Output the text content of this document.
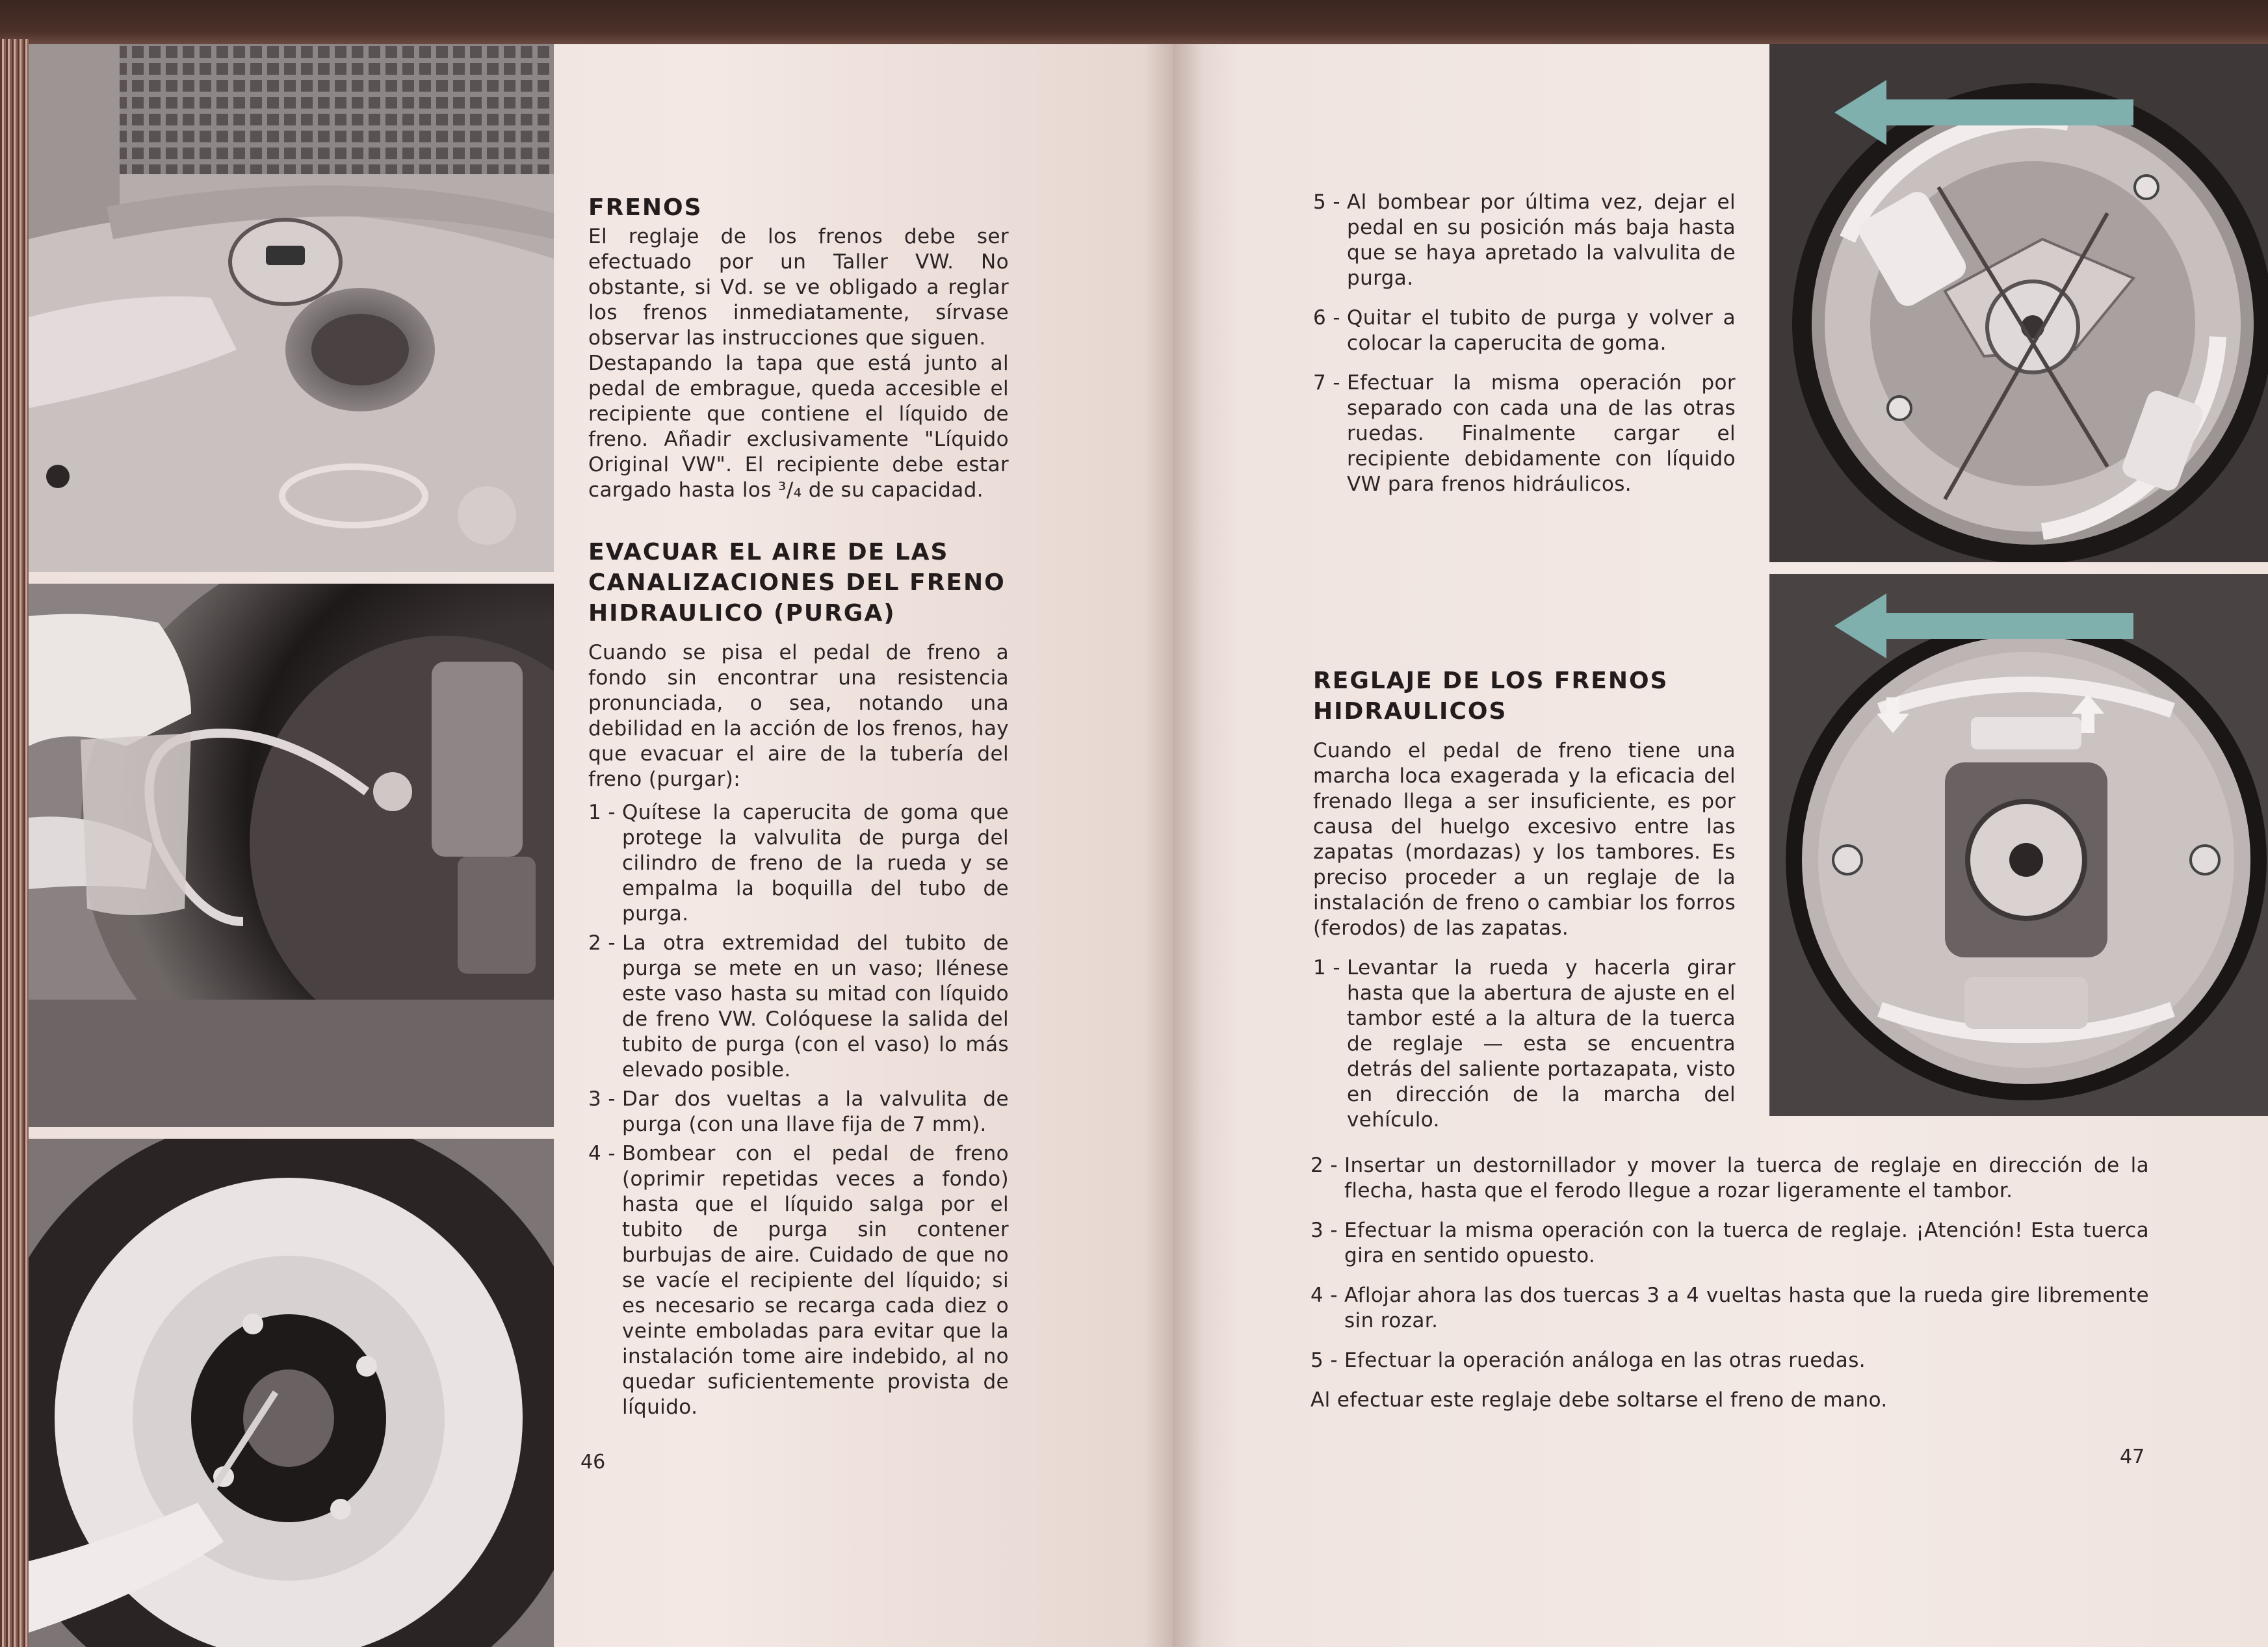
FRENOS

El reglaje de los frenos debe ser efectuado por un Taller VW. No obstante, si Vd. se ve obligado a reglar los frenos inmediatamente, sírvase observar las instrucciones que siguen.

Destapando la tapa que está junto al pedal de embrague, queda accesible el recipiente que contiene el líquido de freno. Añadir exclusivamente "Líquido Original VW". El recipiente debe estar cargado hasta los ³/₄ de su capacidad.

EVACUAR EL AIRE DE LAS
CANALIZACIONES DEL FRENO
HIDRAULICO (PURGA)

Cuando se pisa el pedal de freno a fondo sin encontrar una resistencia pronunciada, o sea, notando una debilidad en la acción de los frenos, hay que evacuar el aire de la tubería del freno (purgar):

1 - Quítese la caperucita de goma que protege la valvulita de purga del cilindro de freno de la rueda y se empalma la boquilla del tubo de purga.
2 - La otra extremidad del tubito de purga se mete en un vaso; llénese este vaso hasta su mitad con líquido de freno VW. Colóquese la salida del tubito de purga (con el vaso) lo más elevado posible.
3 - Dar dos vueltas a la valvulita de purga (con una llave fija de 7 mm).
4 - Bombear con el pedal de freno (oprimir repetidas veces a fondo) hasta que el líquido salga por el tubito de purga sin contener burbujas de aire. Cuidado de que no se vacíe el recipiente del líquido; si es necesario se recarga cada diez o veinte emboladas para evitar que la instalación tome aire indebido, al no quedar suficientemente provista de líquido.
46
5 - Al bombear por última vez, dejar el pedal en su posición más baja hasta que se haya apretado la valvulita de purga.
6 - Quitar el tubito de purga y volver a colocar la caperucita de goma.
7 - Efectuar la misma operación por separado con cada una de las otras ruedas. Finalmente cargar el recipiente debidamente con líquido VW para frenos hidráulicos.
REGLAJE DE LOS FRENOS
HIDRAULICOS

Cuando el pedal de freno tiene una marcha loca exagerada y la eficacia del frenado llega a ser insuficiente, es por causa del huelgo excesivo entre las zapatas (mordazas) y los tambores. Es preciso proceder a un reglaje de la instalación de freno o cambiar los forros (ferodos) de las zapatas.

1 - Levantar la rueda y hacerla girar hasta que la abertura de ajuste en el tambor esté a la altura de la tuerca de reglaje — esta se encuentra detrás del saliente portazapata, visto en dirección de la marcha del vehículo.
2 - Insertar un destornillador y mover la tuerca de reglaje en dirección de la flecha, hasta que el ferodo llegue a rozar ligeramente el tambor.
3 - Efectuar la misma operación con la tuerca de reglaje. ¡Atención! Esta tuerca gira en sentido opuesto.
4 - Aflojar ahora las dos tuercas 3 a 4 vueltas hasta que la rueda gire libremente sin rozar.
5 - Efectuar la operación análoga en las otras ruedas.

Al efectuar este reglaje debe soltarse el freno de mano.

47
